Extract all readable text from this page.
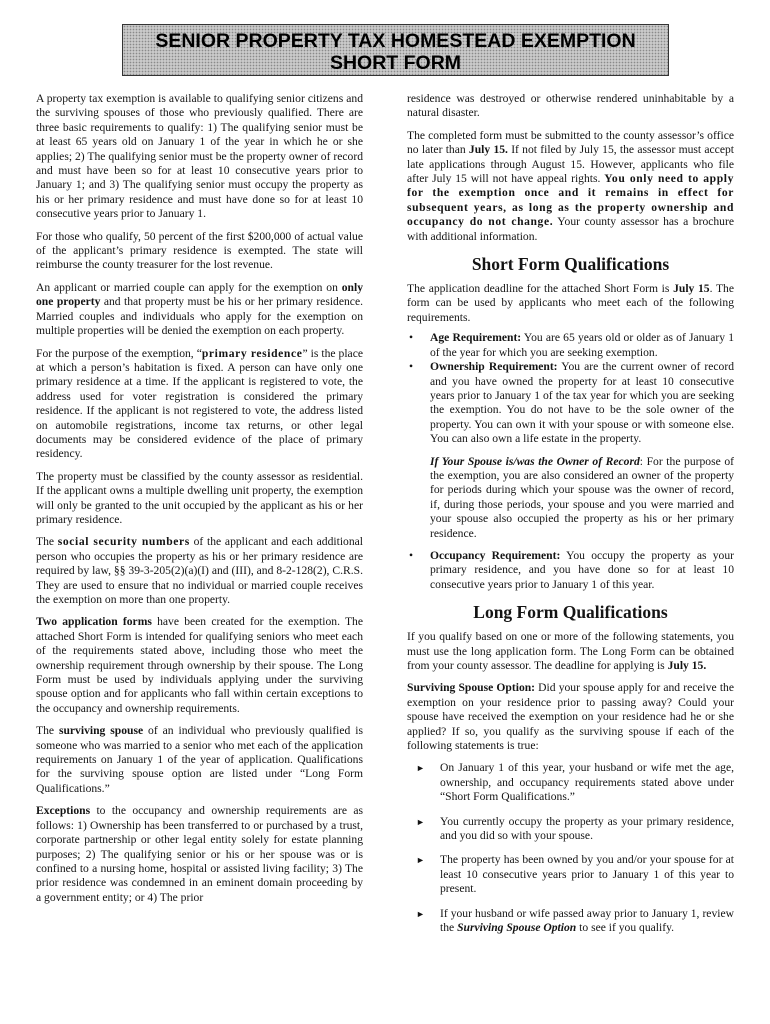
SENIOR PROPERTY TAX HOMESTEAD EXEMPTION
SHORT FORM

A property tax exemption is available to qualifying senior citizens and the surviving spouses of those who previously qualified. There are three basic requirements to qualify: 1) The qualifying senior must be at least 65 years old on January 1 of the year in which he or she applies; 2) The qualifying senior must be the property owner of record and must have been so for at least 10 consecutive years prior to January 1; and 3) The qualifying senior must occupy the property as his or her primary residence and must have done so for at least 10 consecutive years prior to January 1.

For those who qualify, 50 percent of the first $200,000 of actual value of the applicant’s primary residence is exempted. The state will reimburse the county treasurer for the lost revenue.

An applicant or married couple can apply for the exemption on only one property and that property must be his or her primary residence. Married couples and individuals who apply for the exemption on multiple properties will be denied the exemption on each property.

For the purpose of the exemption, “primary residence” is the place at which a person’s habitation is fixed. A person can have only one primary residence at a time. If the applicant is registered to vote, the address used for voter registration is considered the primary residence. If the applicant is not registered to vote, the address listed on automobile registrations, income tax returns, or other legal documents may be considered evidence of the place of primary residency.

The property must be classified by the county assessor as residential. If the applicant owns a multiple dwelling unit property, the exemption will only be granted to the unit occupied by the applicant as his or her primary residence.

The social security numbers of the applicant and each additional person who occupies the property as his or her primary residence are required by law, §§ 39-3-205(2)(a)(I) and (III), and 8-2-128(2), C.R.S. They are used to ensure that no individual or married couple receives the exemption on more than one property.

Two application forms have been created for the exemption. The attached Short Form is intended for qualifying seniors who meet each of the requirements stated above, including those who meet the ownership requirement through ownership by their spouse. The Long Form must be used by individuals applying under the surviving spouse option and for applicants who fall within certain exceptions to the occupancy and ownership requirements.

The surviving spouse of an individual who previously qualified is someone who was married to a senior who met each of the application requirements on January 1 of the year of application. Qualifications for the surviving spouse option are listed under “Long Form Qualifications.”

Exceptions to the occupancy and ownership requirements are as follows: 1) Ownership has been transferred to or purchased by a trust, corporate partnership or other legal entity solely for estate planning purposes; 2) The qualifying senior or his or her spouse was or is confined to a nursing home, hospital or assisted living facility; 3) The prior residence was condemned in an eminent domain proceeding by a government entity; or 4) The prior

residence was destroyed or otherwise rendered uninhabitable by a natural disaster.

The completed form must be submitted to the county assessor’s office no later than July 15. If not filed by July 15, the assessor must accept late applications through August 15. However, applicants who file after July 15 will not have appeal rights. You only need to apply for the exemption once and it remains in effect for subsequent years, as long as the property ownership and occupancy do not change. Your county assessor has a brochure with additional information.

Short Form Qualifications

The application deadline for the attached Short Form is July 15. The form can be used by applicants who meet each of the following requirements.

• Age Requirement: You are 65 years old or older as of January 1 of the year for which you are seeking exemption.
• Ownership Requirement: You are the current owner of record and you have owned the property for at least 10 consecutive years prior to January 1 of the tax year for which you are seeking the exemption. You do not have to be the sole owner of the property. You can own it with your spouse or with someone else. You can also own a life estate in the property.
If Your Spouse is/was the Owner of Record: For the purpose of the exemption, you are also considered an owner of the property for periods during which your spouse was the owner of record, if, during those periods, your spouse and you were married and your spouse also occupied the property as his or her primary residence.
• Occupancy Requirement: You occupy the property as your primary residence, and you have done so for at least 10 consecutive years prior to January 1 of this year.
Long Form Qualifications

If you qualify based on one or more of the following statements, you must use the long application form. The Long Form can be obtained from your county assessor. The deadline for applying is July 15.

Surviving Spouse Option: Did your spouse apply for and receive the exemption on your residence prior to passing away? Could your spouse have received the exemption on your residence had he or she applied? If so, you qualify as the surviving spouse if each of the following statements is true:

► On January 1 of this year, your husband or wife met the age, ownership, and occupancy requirements stated above under “Short Form Qualifications.”
► You currently occupy the property as your primary residence, and you did so with your spouse.
► The property has been owned by you and/or your spouse for at least 10 consecutive years prior to January 1 of this year to present.
► If your husband or wife passed away prior to January 1, review the Surviving Spouse Option to see if you qualify.
